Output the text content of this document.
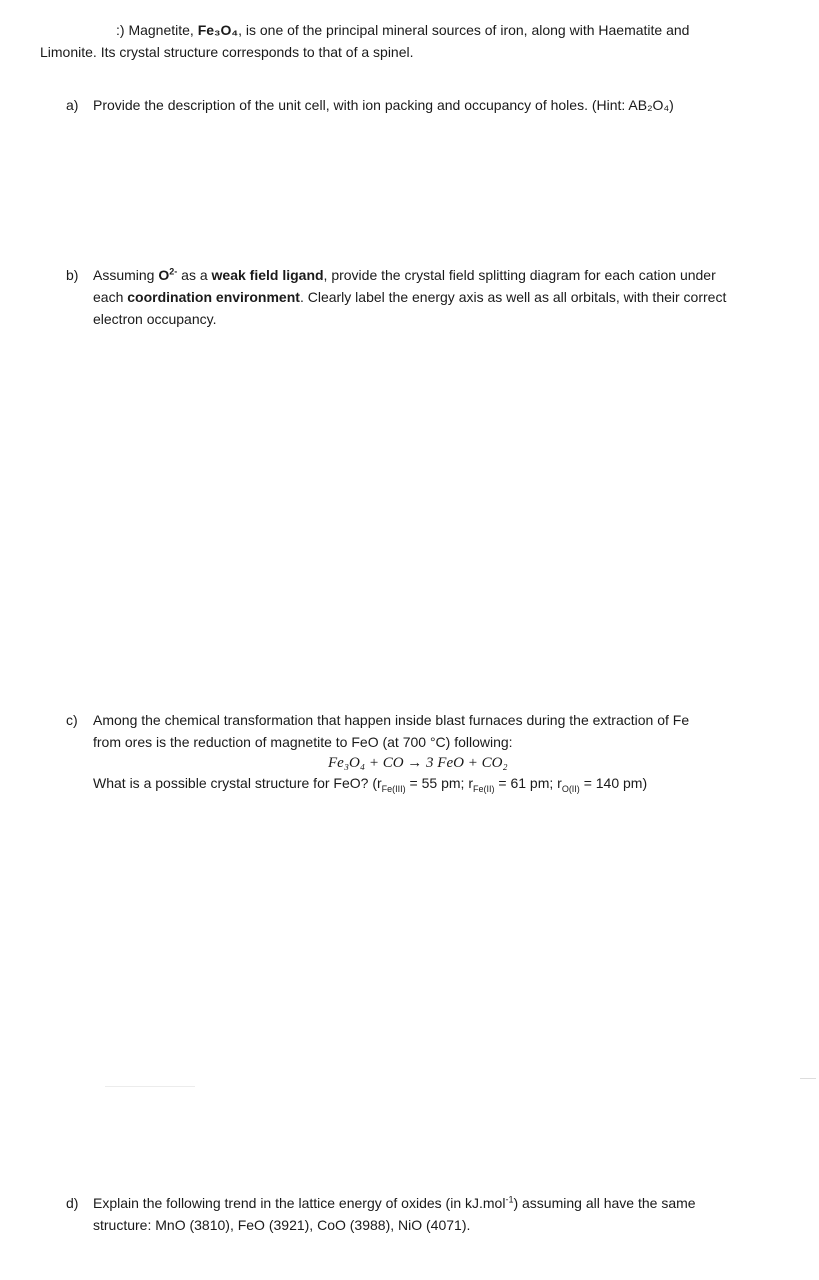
:) Magnetite, Fe₃O₄, is one of the principal mineral sources of iron, along with Haematite and
Limonite. Its crystal structure corresponds to that of a spinel.
a) Provide the description of the unit cell, with ion packing and occupancy of holes. (Hint: AB₂O₄)
b) Assuming $O^{2-}$ as a weak field ligand, provide the crystal field splitting diagram for each cation under
each coordination environment. Clearly label the energy axis as well as all orbitals, with their correct
electron occupancy.
c) Among the chemical transformation that happen inside blast furnaces during the extraction of Fe
from ores is the reduction of magnetite to FeO (at 700 °C) following:
Fe₃O₄ + CO → 3 FeO + CO₂
What is a possible crystal structure for FeO? ($r_{Fe(III)} = 55$ pm; $r_{Fe(II)} = 61$ pm; $r_{O(II)} = 140$ pm)
d) Explain the following trend in the lattice energy of oxides (in kJ.mol$^{-1}$) assuming all have the same
structure: MnO (3810), FeO (3921), CoO (3988), NiO (4071).
